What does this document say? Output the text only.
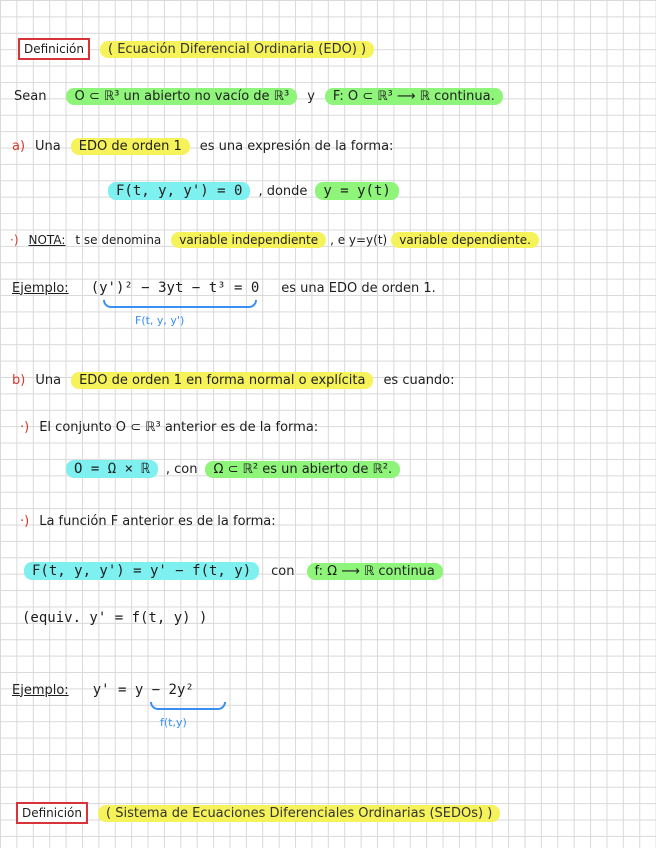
Definición	( Ecuación Diferencial Ordinaria (EDO) )
Sean	O ⊂ ℝ³ un abierto no vacío de ℝ³	y	F: O ⊂ ℝ³ ⟶ ℝ continua.
a) Una	EDO de orden 1	es una expresión de la forma:
F(t, y, y') = 0	, donde	y = y(t)
·) NOTA: t se denomina	variable independiente	, e y=y(t)	variable dependiente.
Ejemplo: (y')² − 3yt − t³ = 0 es una EDO de orden 1.
F(t, y, y')
b) Una	EDO de orden 1 en forma normal o explícita	es cuando:
·) El conjunto O ⊂ ℝ³ anterior es de la forma:
O = Ω × ℝ	, con	Ω ⊂ ℝ² es un abierto de ℝ².
·) La función F anterior es de la forma:
F(t, y, y') = y' − f(t, y)	con	f: Ω ⟶ ℝ continua
(equiv. y' = f(t, y) )
Ejemplo: y' = y − 2y²
f(t,y)
Definición	( Sistema de Ecuaciones Diferenciales Ordinarias (SEDOs) )
